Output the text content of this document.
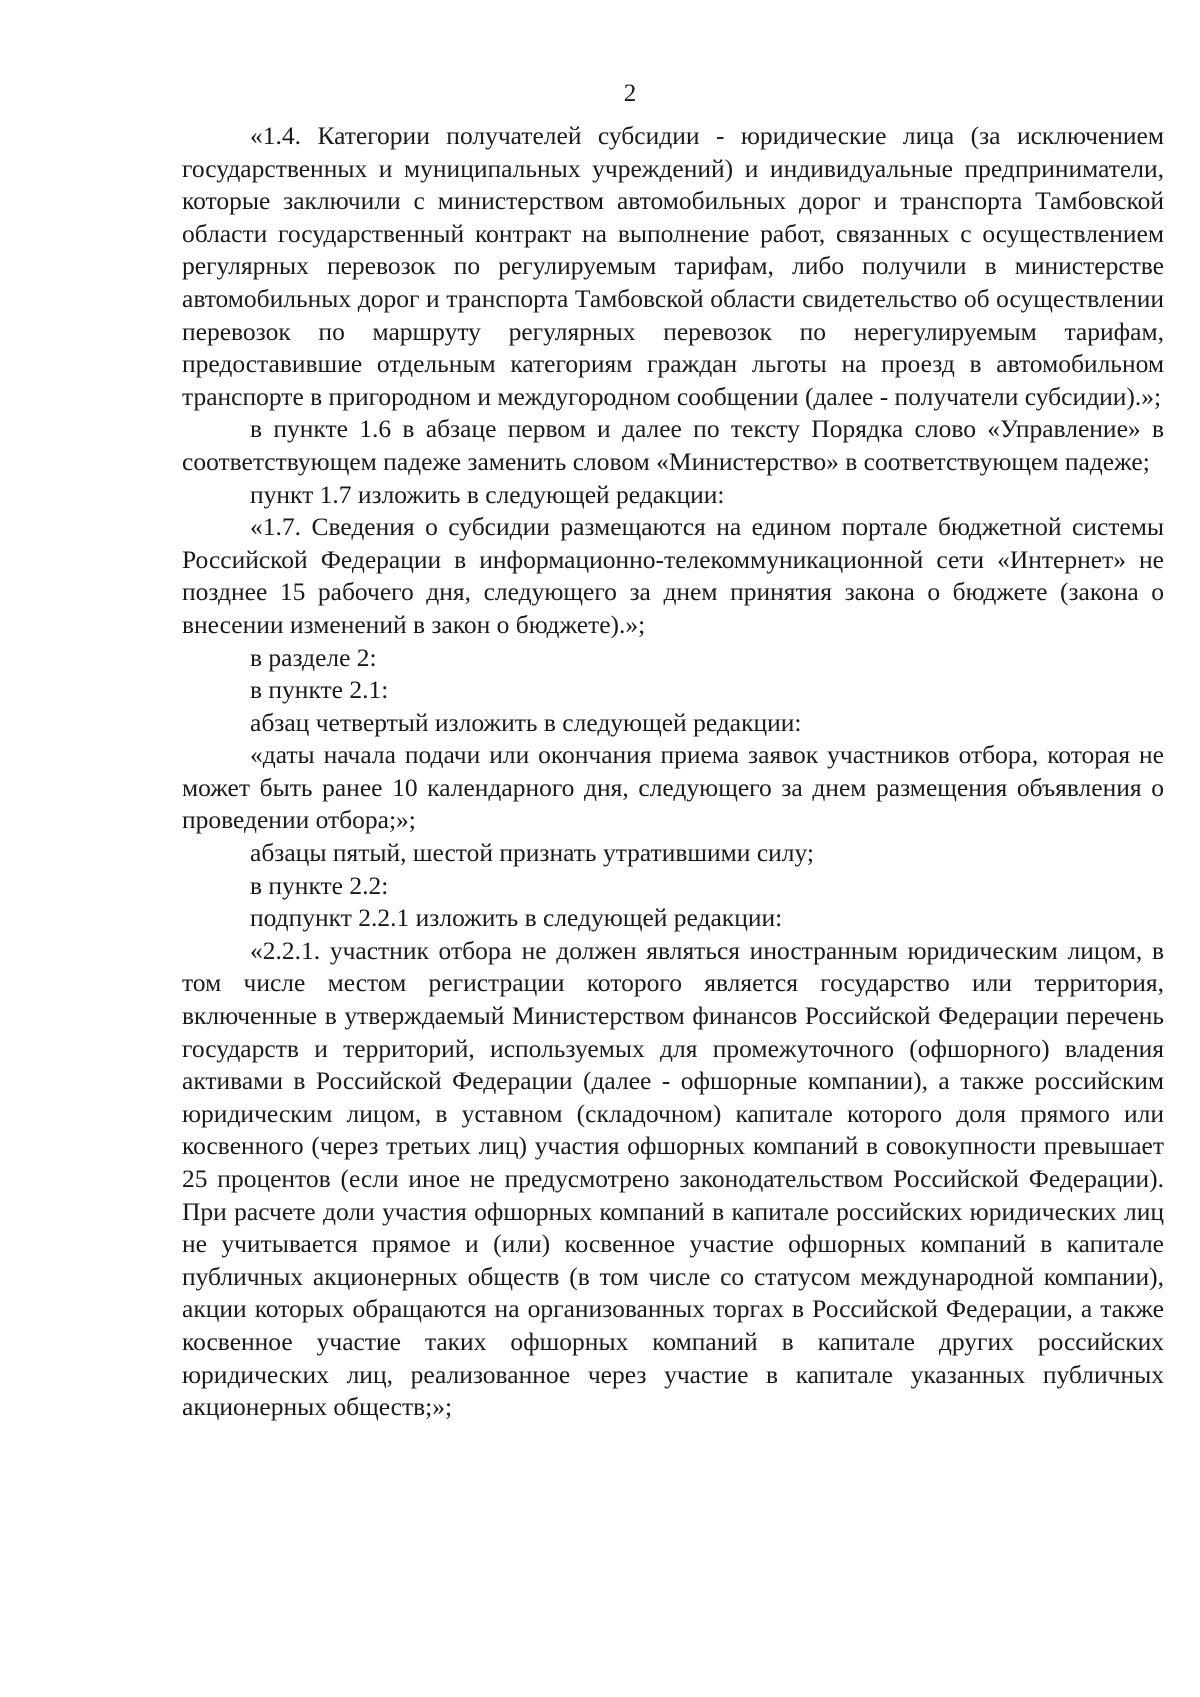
2

«1.4. Категории получателей субсидии - юридические лица (за исключением государственных и муниципальных учреждений) и индивидуальные предприниматели, которые заключили с министерством автомобильных дорог и транспорта Тамбовской области государственный контракт на выполнение работ, связанных с осуществлением регулярных перевозок по регулируемым тарифам, либо получили в министерстве автомобильных дорог и транспорта Тамбовской области свидетельство об осуществлении перевозок по маршруту регулярных перевозок по нерегулируемым тарифам, предоставившие отдельным категориям граждан льготы на проезд в автомобильном транспорте в пригородном и междугородном сообщении (далее - получатели субсидии).»;

в пункте 1.6 в абзаце первом и далее по тексту Порядка слово «Управление» в соответствующем падеже заменить словом «Министерство» в соответствующем падеже;

пункт 1.7 изложить в следующей редакции:

«1.7. Сведения о субсидии размещаются на едином портале бюджетной системы Российской Федерации в информационно-телекоммуникационной сети «Интернет» не позднее 15 рабочего дня, следующего за днем принятия закона о бюджете (закона о внесении изменений в закон о бюджете).»;

в разделе 2:

в пункте 2.1:

абзац четвертый изложить в следующей редакции:

«даты начала подачи или окончания приема заявок участников отбора, которая не может быть ранее 10 календарного дня, следующего за днем размещения объявления о проведении отбора;»;

абзацы пятый, шестой признать утратившими силу;

в пункте 2.2:

подпункт 2.2.1 изложить в следующей редакции:

«2.2.1. участник отбора не должен являться иностранным юридическим лицом, в том числе местом регистрации которого является государство или территория, включенные в утверждаемый Министерством финансов Российской Федерации перечень государств и территорий, используемых для промежуточного (офшорного) владения активами в Российской Федерации (далее - офшорные компании), а также российским юридическим лицом, в уставном (складочном) капитале которого доля прямого или косвенного (через третьих лиц) участия офшорных компаний в совокупности превышает 25 процентов (если иное не предусмотрено законодательством Российской Федерации). При расчете доли участия офшорных компаний в капитале российских юридических лиц не учитывается прямое и (или) косвенное участие офшорных компаний в капитале публичных акционерных обществ (в том числе со статусом международной компании), акции которых обращаются на организованных торгах в Российской Федерации, а также косвенное участие таких офшорных компаний в капитале других российских юридических лиц, реализованное через участие в капитале указанных публичных акционерных обществ;»;
